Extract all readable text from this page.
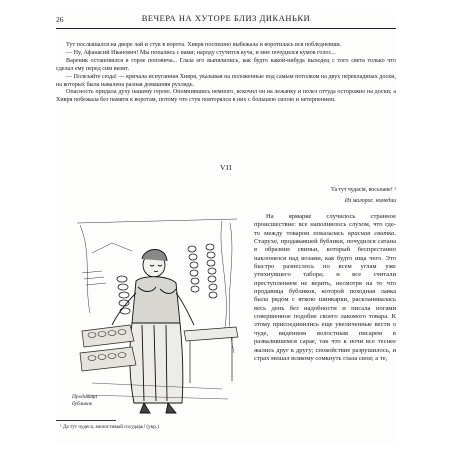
26	ВЕЧЕРА НА ХУТОРЕ БЛИЗ ДИКАНЬКИ

Тут послышался на дворе лай и стук в ворота. Хивря поспешно выбежала и воротилась вся побледневши.

— Ну, Афанасий Иванович! Мы попались с вами; народу стучится куча, и мне почудился кумов голос...

Вареник остановился в горле поповича... Глаза его выпялились, как будто какой-нибудь выходец с того света только что сделал ему перед сим визит.

— Полезайте сюда! — кричала испуганная Хивря, указывая на положенные под самым потолком на двух перекладинах доски, на которых была навалена разная домашняя рухлядь.

Опасность придала духу нашему герою. Опомнившись немного, вскочил он на лежанку и полез оттуда осторожно на доски; а Хивря побежала без памяти к воротам, потому что стук повторялся в них с большею силою и нетерпением.

VII
Та тут чудасія, восьпане! ¹
Из малорос. комедии
Продавица
бубликов

На ярмарке случилось странное происшествие: все наполнилось слухом, что где-то между товаром показалась красная свитка. Старуxе, продававшей бублики, почудился сатана в образине свиньи, который беспрестанно наклонялся над возами, как будто ища чего. Это быстро разнеслось по всем углам уже утихнувшего табора; и все считали преступлением не верить, несмотря на то что продавица бубликов, которой походная лавка была рядом с яткою шинкарки, раскланивалась весь день без надобности и писала ногами совершенное подобие своего лакомого товара. К этому присоединились еще увеличенные вести о чуде, виденном волостным писарем в развалившемся сарае, так что к ночи все теснее жались друг к другу; спокойствие разрушилось, и страх мешал всякому сомкнуть глаза свои; а те,

¹ Да тут чудеса, милостивый государь! (укр.)
